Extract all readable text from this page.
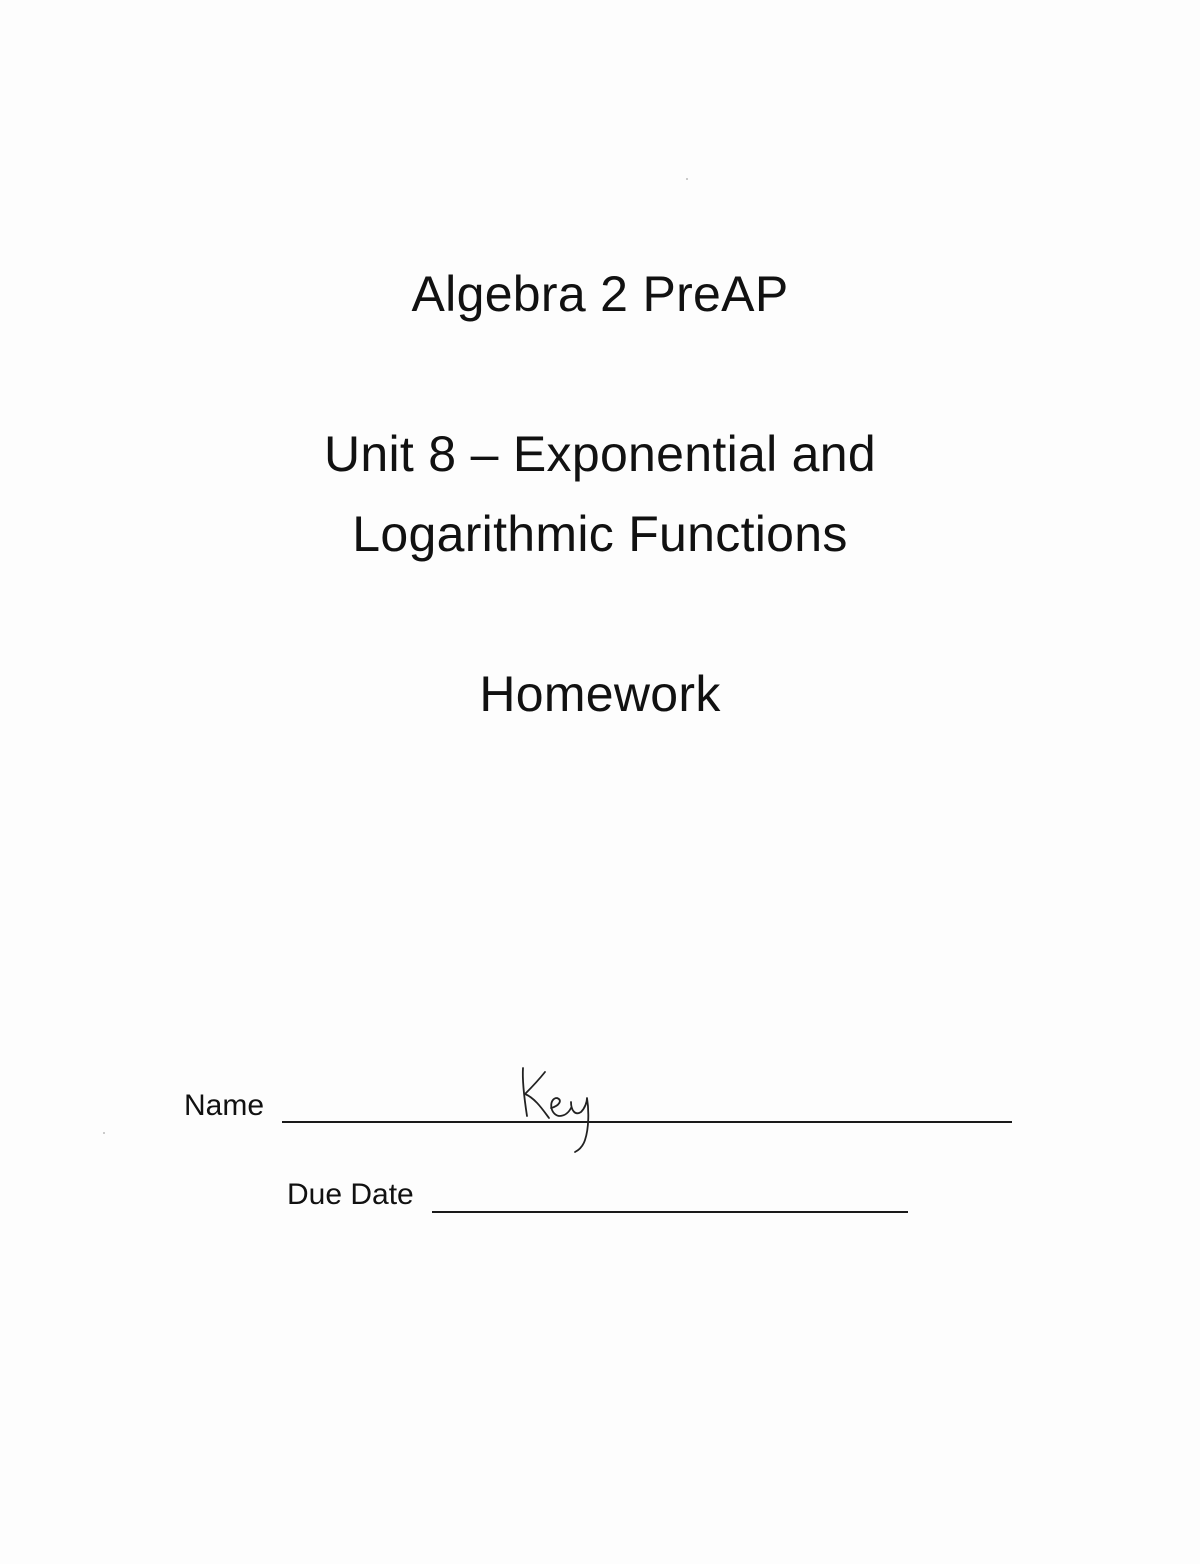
Algebra 2 PreAP
Unit 8 – Exponential and
Logarithmic Functions
Homework
Name
Due Date
